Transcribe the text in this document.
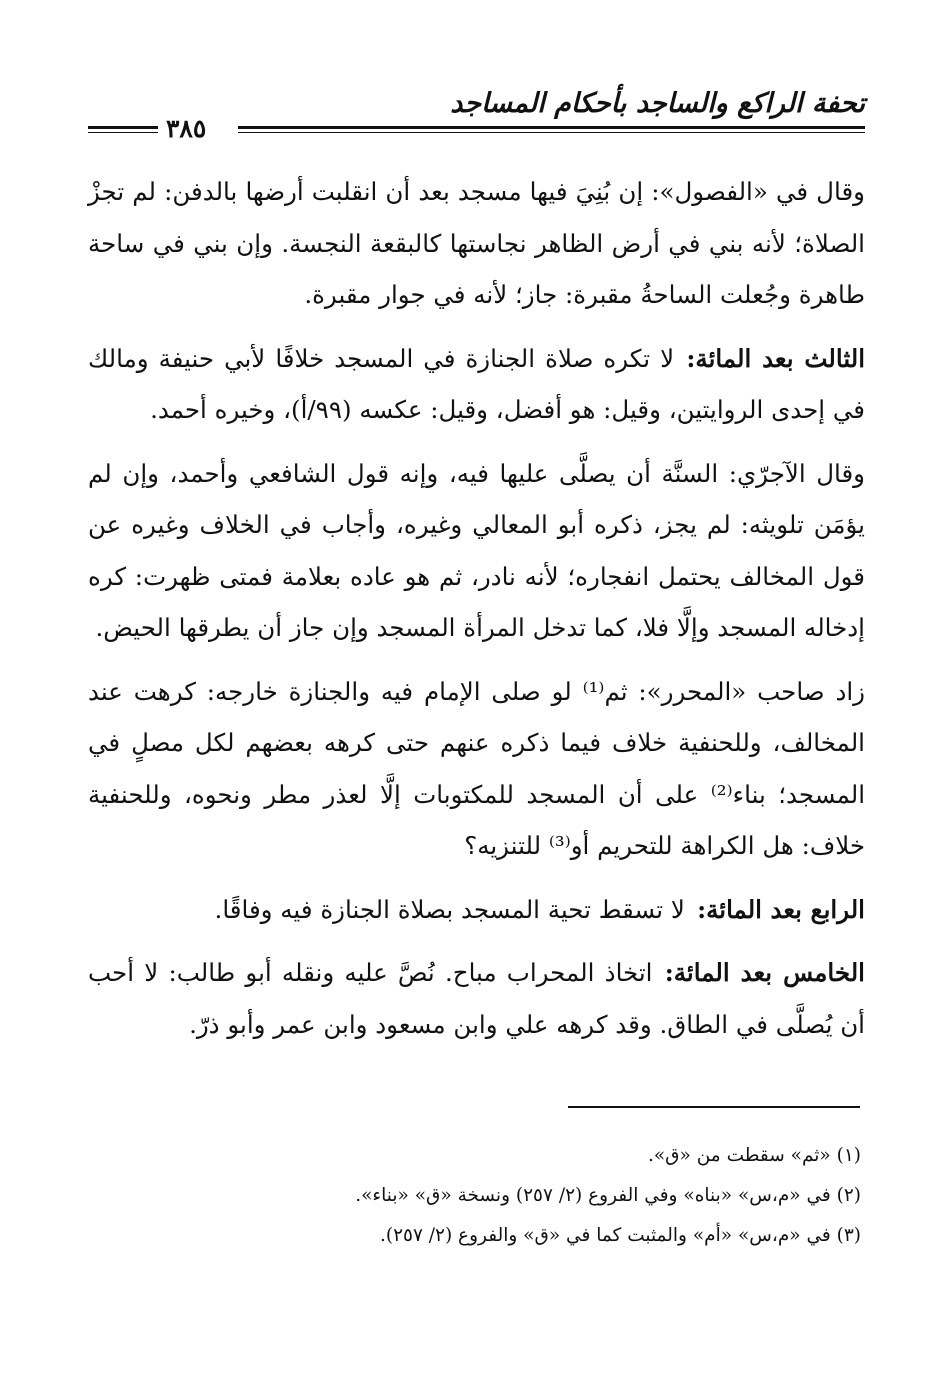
تحفة الراكع والساجد بأحكام المساجد
٣٨٥

وقال في «الفصول»: إن بُنِيَ فيها مسجد بعد أن انقلبت أرضها بالدفن: لم تجزْ الصلاة؛ لأنه بني في أرض الظاهر نجاستها كالبقعة النجسة. وإن بني في ساحة طاهرة وجُعلت الساحةُ مقبرة: جاز؛ لأنه في جوار مقبرة.

الثالث بعد المائة:لا تكره صلاة الجنازة في المسجد خلافًا لأبي حنيفة ومالك في إحدى الروايتين، وقيل: هو أفضل، وقيل: عكسه (٩٩/أ)، وخيره أحمد.

وقال الآجرّي: السنَّة أن يصلَّى عليها فيه، وإنه قول الشافعي وأحمد، وإن لم يؤمَن تلويثه: لم يجز، ذكره أبو المعالي وغيره، وأجاب في الخلاف وغيره عن قول المخالف يحتمل انفجاره؛ لأنه نادر، ثم هو عاده بعلامة فمتى ظهرت: كره إدخاله المسجد وإلَّا فلا، كما تدخل المرأة المسجد وإن جاز أن يطرقها الحيض.

زاد صاحب «المحرر»: ثم⁽¹⁾ لو صلى الإمام فيه والجنازة خارجه: كرهت عند المخالف، وللحنفية خلاف فيما ذكره عنهم حتى كرهه بعضهم لكل مصلٍ في المسجد؛ بناء⁽²⁾ على أن المسجد للمكتوبات إلَّا لعذر مطر ونحوه، وللحنفية خلاف: هل الكراهة للتحريم أو⁽³⁾ للتنزيه؟

الرابع بعد المائة:لا تسقط تحية المسجد بصلاة الجنازة فيه وفاقًا.

الخامس بعد المائة:اتخاذ المحراب مباح. نُصَّ عليه ونقله أبو طالب: لا أحب أن يُصلَّى في الطاق. وقد كرهه علي وابن مسعود وابن عمر وأبو ذرّ.

(١) «ثم» سقطت من «ق».
(٢) في «م،س» «بناه» وفي الفروع (٢/ ٢٥٧) ونسخة «ق» «بناء».
(٣) في «م،س» «أم» والمثبت كما في «ق» والفروع (٢/ ٢٥٧).
